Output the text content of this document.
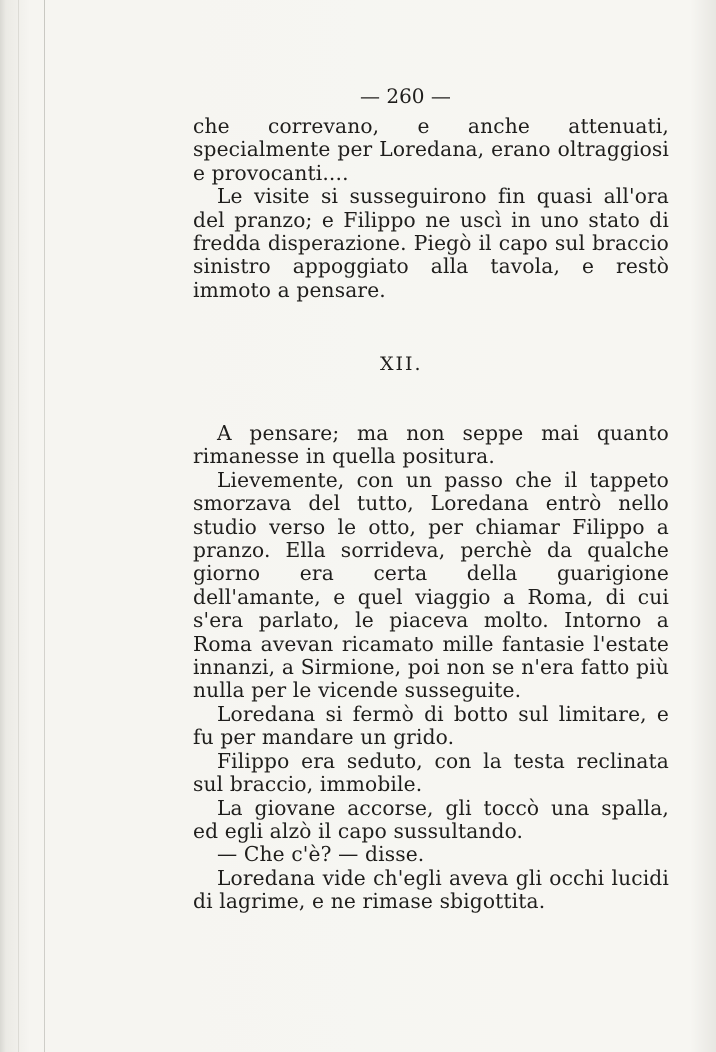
— 260 —

che correvano, e anche attenuati, specialmente per Loredana, erano oltraggiosi e provocanti....

Le visite si susseguirono fin quasi all'ora del pranzo; e Filippo ne uscì in uno stato di fredda disperazione. Piegò il capo sul braccio sinistro appoggiato alla tavola, e restò immoto a pensare.

XII.

A pensare; ma non seppe mai quanto rimanesse in quella positura.

Lievemente, con un passo che il tappeto smorzava del tutto, Loredana entrò nello studio verso le otto, per chiamar Filippo a pranzo. Ella sorrideva, perchè da qualche giorno era certa della guarigione dell'amante, e quel viaggio a Roma, di cui s'era parlato, le piaceva molto. Intorno a Roma avevan ricamato mille fantasie l'estate innanzi, a Sirmione, poi non se n'era fatto più nulla per le vicende susseguite.

Loredana si fermò di botto sul limitare, e fu per mandare un grido.

Filippo era seduto, con la testa reclinata sul braccio, immobile.

La giovane accorse, gli toccò una spalla, ed egli alzò il capo sussultando.

— Che c'è? — disse.

Loredana vide ch'egli aveva gli occhi lucidi di lagrime, e ne rimase sbigottita.
